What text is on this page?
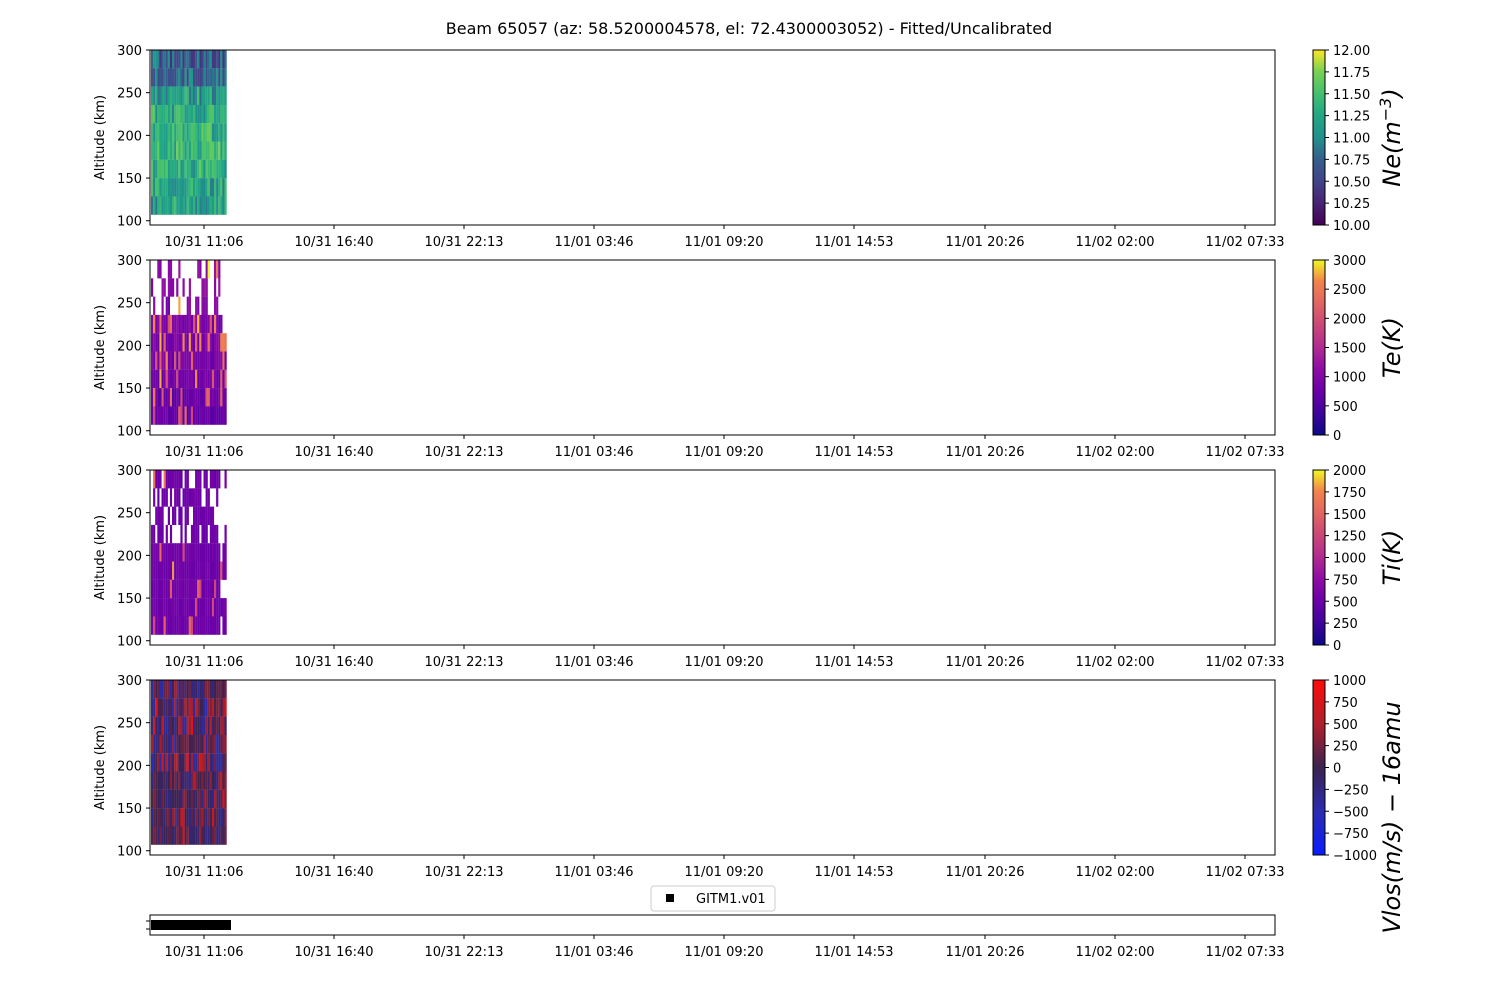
Beam 65057 (az: 58.5200004578, el: 72.4300003052) - Fitted/Uncalibrated
100
150
200
250
300
Altitude (km)
10.00
10.25
10.50
10.75
11.00
11.25
11.50
11.75
12.00
$Ne(m^{-3})$
10/31 11:06	10/31 16:40	10/31 22:13	11/01 03:46	11/01 09:20	11/01 14:53	11/01 20:26	11/02 02:00	11/02 07:33
100
150
200
250
300
Altitude (km)
0
500
1000
1500
2000
2500
3000
Te(K)
10/31 11:06	10/31 16:40	10/31 22:13	11/01 03:46	11/01 09:20	11/01 14:53	11/01 20:26	11/02 02:00	11/02 07:33
100
150
200
250
300
Altitude (km)
0
250
500
750
1000
1250
1500
1750
2000
Ti(K)
10/31 11:06	10/31 16:40	10/31 22:13	11/01 03:46	11/01 09:20	11/01 14:53	11/01 20:26	11/02 02:00	11/02 07:33
100
150
200
250
300
Altitude (km)
−1000
−750
−500
−250
0
250
500
750
1000
Vlos(m/s) − 16amu
10/31 11:06	10/31 16:40	10/31 22:13	11/01 03:46	11/01 09:20	11/01 14:53	11/01 20:26	11/02 02:00	11/02 07:33
10/31 11:06	10/31 16:40	10/31 22:13	11/01 03:46	11/01 09:20	11/01 14:53	11/01 20:26	11/02 02:00	11/02 07:33
GITM1.v01
